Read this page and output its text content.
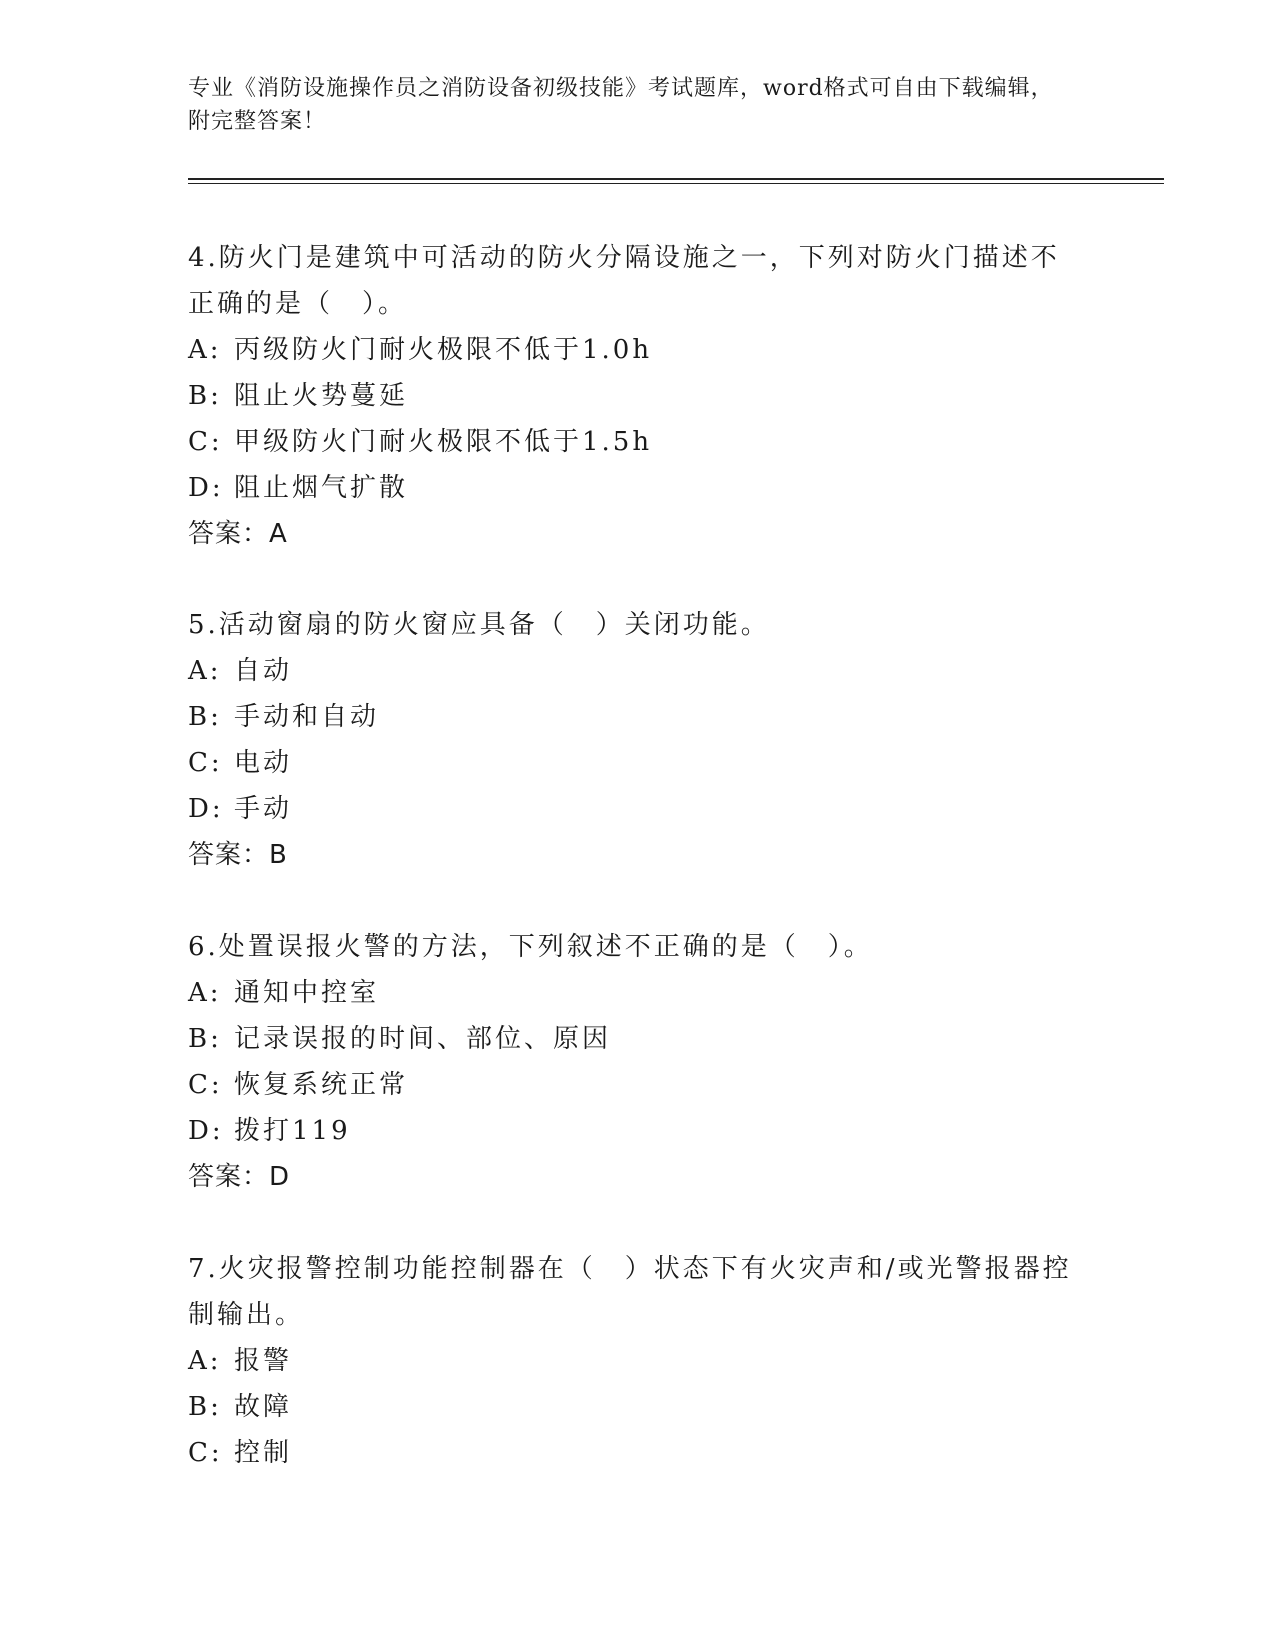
专业《消防设施操作员之消防设备初级技能》考试题库，word格式可自由下载编辑，附完整答案！

4.防火门是建筑中可活动的防火分隔设施之一，下列对防火门描述不正确的是（　）。

A: 丙级防火门耐火极限不低于1.0h
B: 阻止火势蔓延
C: 甲级防火门耐火极限不低于1.5h
D: 阻止烟气扩散

答案：A

5.活动窗扇的防火窗应具备（　）关闭功能。

A: 自动
B: 手动和自动
C: 电动
D: 手动

答案：B

6.处置误报火警的方法，下列叙述不正确的是（　）。

A: 通知中控室
B: 记录误报的时间、部位、原因
C: 恢复系统正常
D: 拨打119

答案：D

7.火灾报警控制功能控制器在（　）状态下有火灾声和/或光警报器控制输出。

A: 报警
B: 故障
C: 控制
